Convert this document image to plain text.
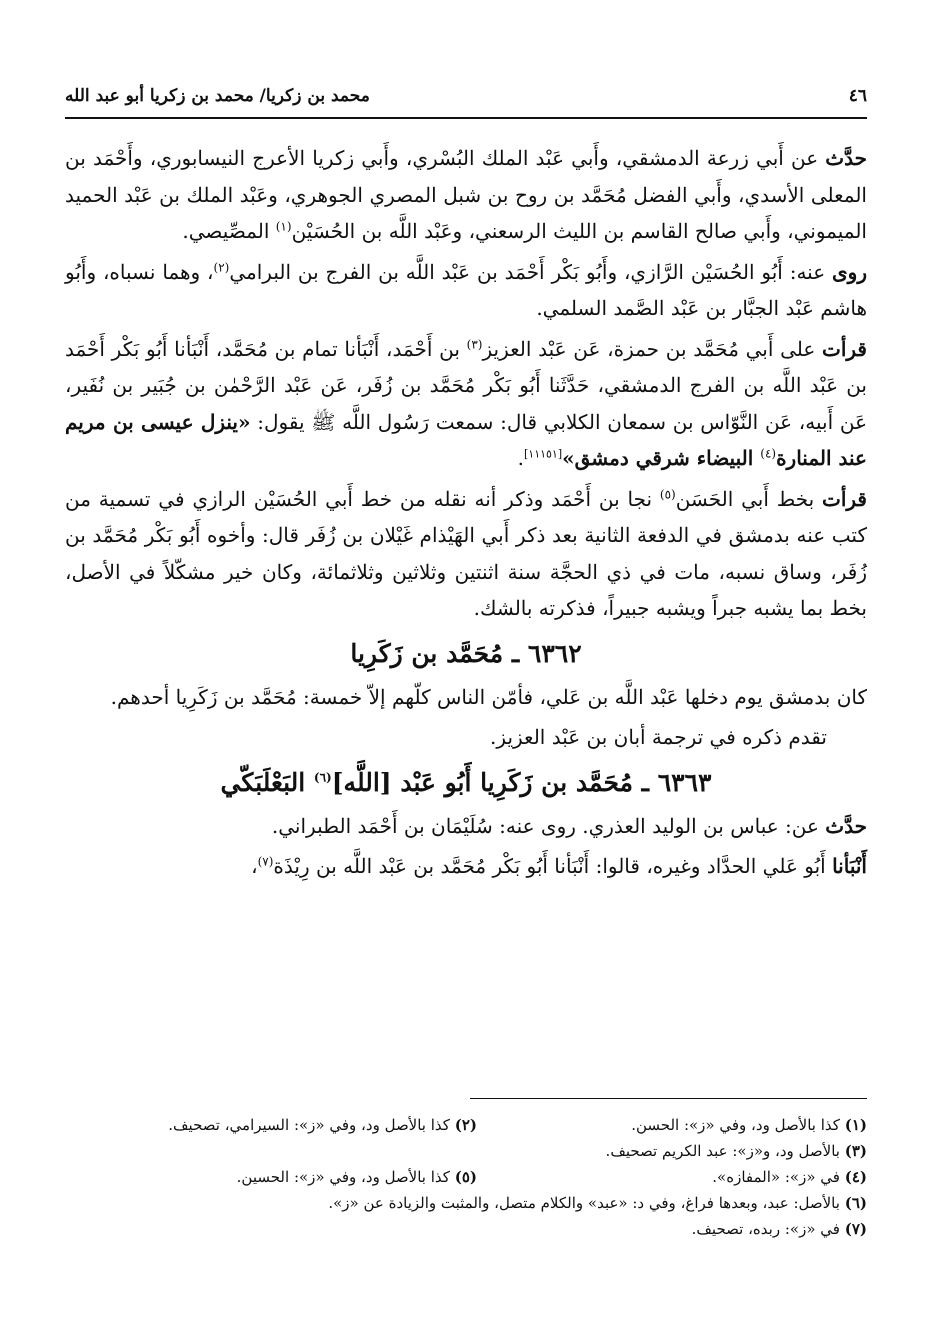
٤٦
محمد بن زكريا/ محمد بن زكريا أبو عبد الله

حدَّث عن أَبي زرعة الدمشقي، وأَبي عَبْد الملك البُسْري، وأَبي زكريا الأعرج النيسابوري، وأَحْمَد بن المعلى الأسدي، وأَبي الفضل مُحَمَّد بن روح بن شبل المصري الجوهري، وعَبْد الملك بن عَبْد الحميد الميموني، وأَبي صالح القاسم بن الليث الرسعني، وعَبْد اللَّه بن الحُسَيْن$^{(١)}$ المصِّيصي.

روى عنه: أَبُو الحُسَيْن الرَّازي، وأَبُو بَكْر أَحْمَد بن عَبْد اللَّه بن الفرج بن البرامي$^{(٢)}$، وهما نسباه، وأَبُو هاشم عَبْد الجبَّار بن عَبْد الصَّمد السلمي.

قرأت على أَبي مُحَمَّد بن حمزة، عَن عَبْد العزيز$^{(٣)}$ بن أَحْمَد، أَنْبَأنا تمام بن مُحَمَّد، أَنْبَأنا أَبُو بَكْر أَحْمَد بن عَبْد اللَّه بن الفرج الدمشقي، حَدَّثَنا أَبُو بَكْر مُحَمَّد بن زُفَر، عَن عَبْد الرَّحْمٰن بن جُبَير بن نُفَير، عَن أَبيه، عَن النَّوّاس بن سمعان الكلابي قال: سمعت رَسُول اللَّه ﷺ يقول: «ينزل عيسى بن مريم عند المنارة$^{(٤)}$ البيضاء شرقي دمشق»[١١١٥١].

قرأت بخط أَبي الحَسَن$^{(٥)}$ نجا بن أَحْمَد وذكر أنه نقله من خط أَبي الحُسَيْن الرازي في تسمية من كتب عنه بدمشق في الدفعة الثانية بعد ذكر أَبي الهَيْذام غَيْلان بن زُفَر قال: وأخوه أَبُو بَكْر مُحَمَّد بن زُفَر، وساق نسبه، مات في ذي الحجَّة سنة اثنتين وثلاثين وثلاثمائة، وكان خير مشكّلاً في الأصل، بخط بما يشبه جبراً ويشبه جبيراً، فذكرته بالشك.

٦٣٦٢ ـ مُحَمَّد بن زَكَرِيا

كان بدمشق يوم دخلها عَبْد اللَّه بن عَلي، فأمّن الناس كلّهم إلاّ خمسة: مُحَمَّد بن زَكَرِيا أحدهم.

تقدم ذكره في ترجمة أبان بن عَبْد العزيز.

٦٣٦٣ ـ مُحَمَّد بن زَكَرِيا أَبُو عَبْد [اللَّه]$^{(٦)}$ البَعْلَبَكّي

حدَّث عن: عباس بن الوليد العذري. روى عنه: سُلَيْمَان بن أَحْمَد الطبراني.

أَنْبَأنا أَبُو عَلي الحدَّاد وغيره، قالوا: أَنْبَأنا أَبُو بَكْر مُحَمَّد بن عَبْد اللَّه بن رِيْذَة$^{(٧)}$،

(١) كذا بالأصل ود، وفي «ز»: الحسن.
(٢) كذا بالأصل ود، وفي «ز»: السيرامي، تصحيف.
(٣) بالأصل ود، و«ز»: عبد الكريم تصحيف.
(٤) في «ز»: «المفازه».
(٥) كذا بالأصل ود، وفي «ز»: الحسين.
(٦) بالأصل: عبد، وبعدها فراغ، وفي د: «عبد» والكلام متصل، والمثبت والزيادة عن «ز».
(٧) في «ز»: ربده، تصحيف.
